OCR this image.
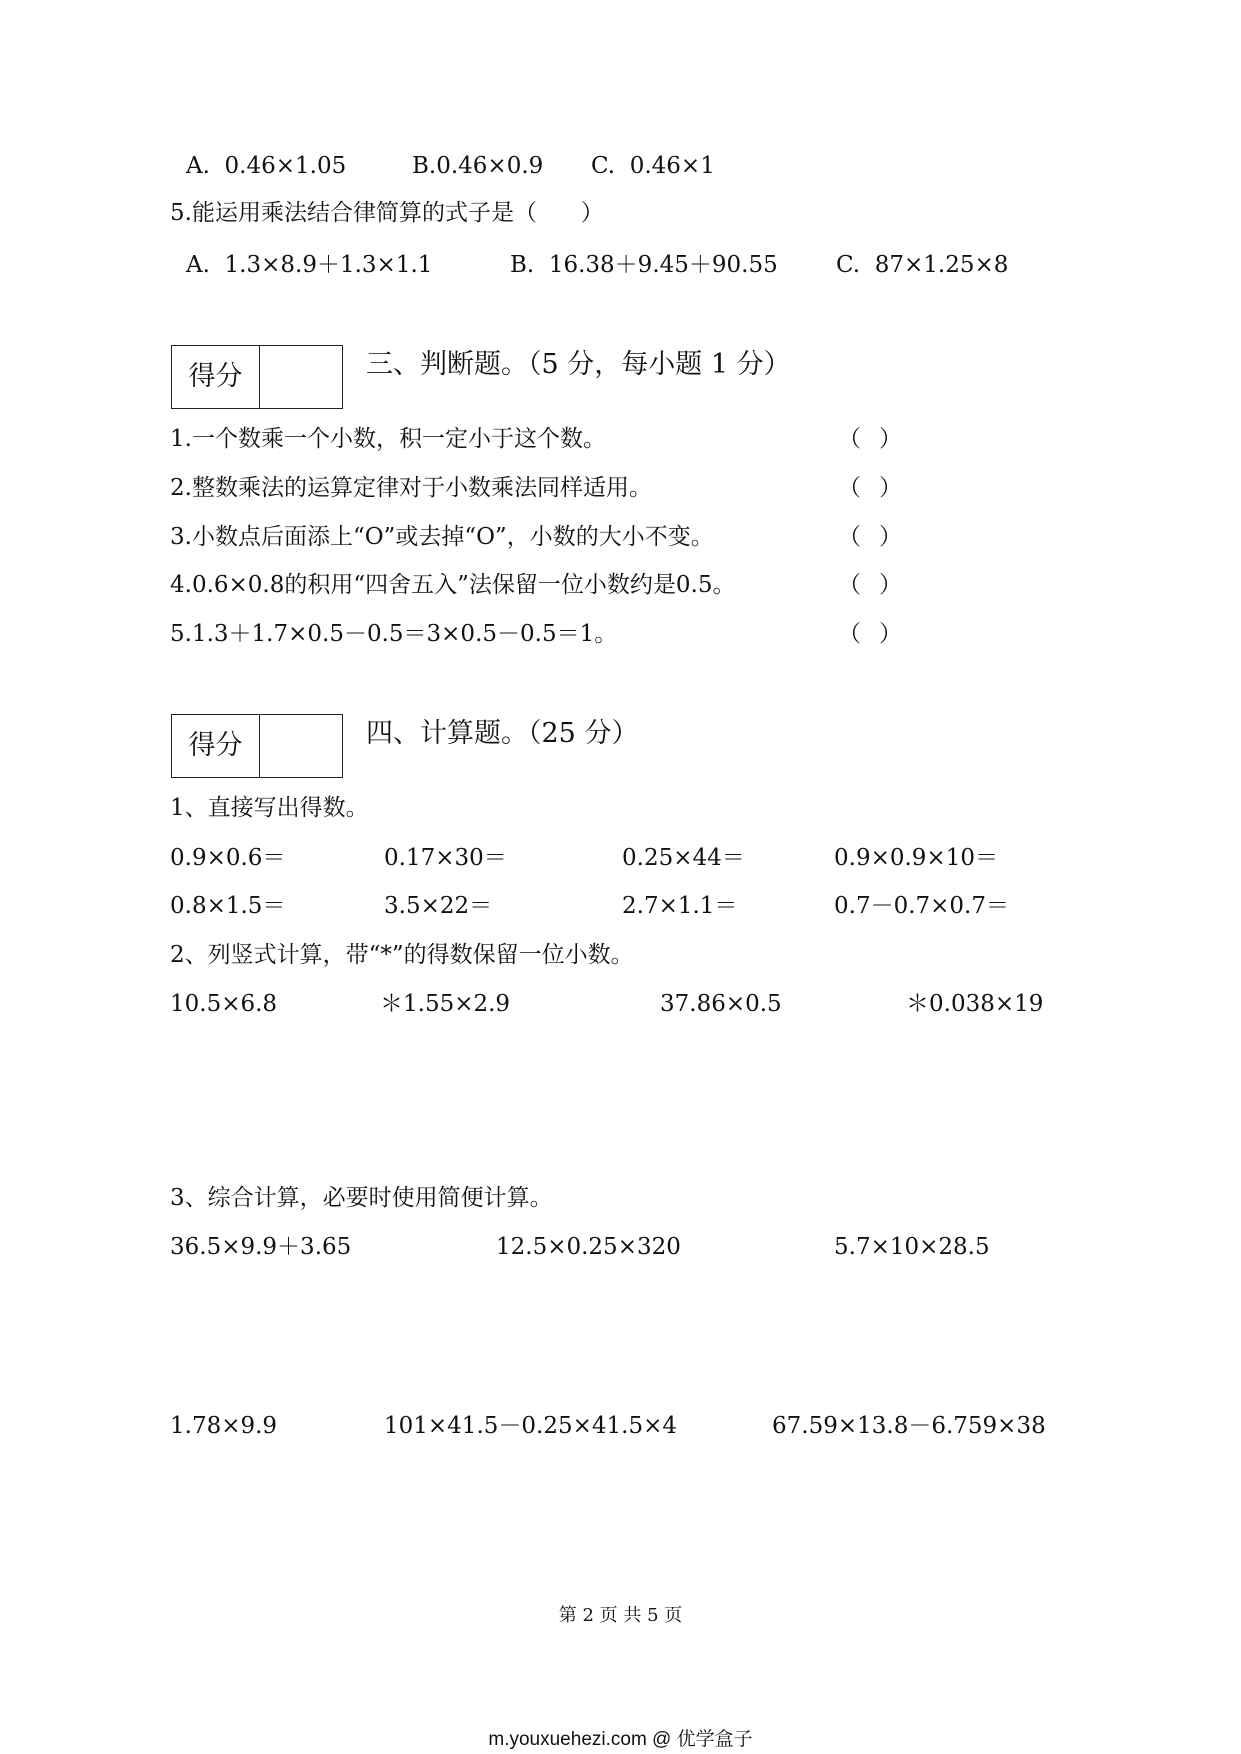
A.  0.46×1.05	B.0.46×0.9 C.  0.46×1
5.能运用乘法结合律简算的式子是（      ）
A.  1.3×8.9＋1.3×1.1	B.  16.38＋9.45＋90.55	C.  87×1.25×8
得分	三、判断题。（5 分，每小题 1 分）
1.一个数乘一个小数，积一定小于这个数。	（ ）
2.整数乘法的运算定律对于小数乘法同样适用。	（ ）
3.小数点后面添上“O”或去掉“O”，小数的大小不变。	（ ）
4.0.6×0.8的积用“四舍五入”法保留一位小数约是0.5。	（ ）
5.1.3＋1.7×0.5－0.5＝3×0.5－0.5＝1。	（ ）
得分	四、计算题。（25 分）
1、直接写出得数。
0.9×0.6＝	0.17×30＝	0.25×44＝	0.9×0.9×10＝
0.8×1.5＝	3.5×22＝	2.7×1.1＝	0.7－0.7×0.7＝
2、列竖式计算，带“*”的得数保留一位小数。
10.5×6.8	＊1.55×2.9	37.86×0.5	＊0.038×19
3、综合计算，必要时使用简便计算。
36.5×9.9＋3.65	12.5×0.25×320	5.7×10×28.5
1.78×9.9	101×41.5－0.25×41.5×4	67.59×13.8－6.759×38
第 2 页 共 5 页
m.youxuehezi.com @ 优学盒子
